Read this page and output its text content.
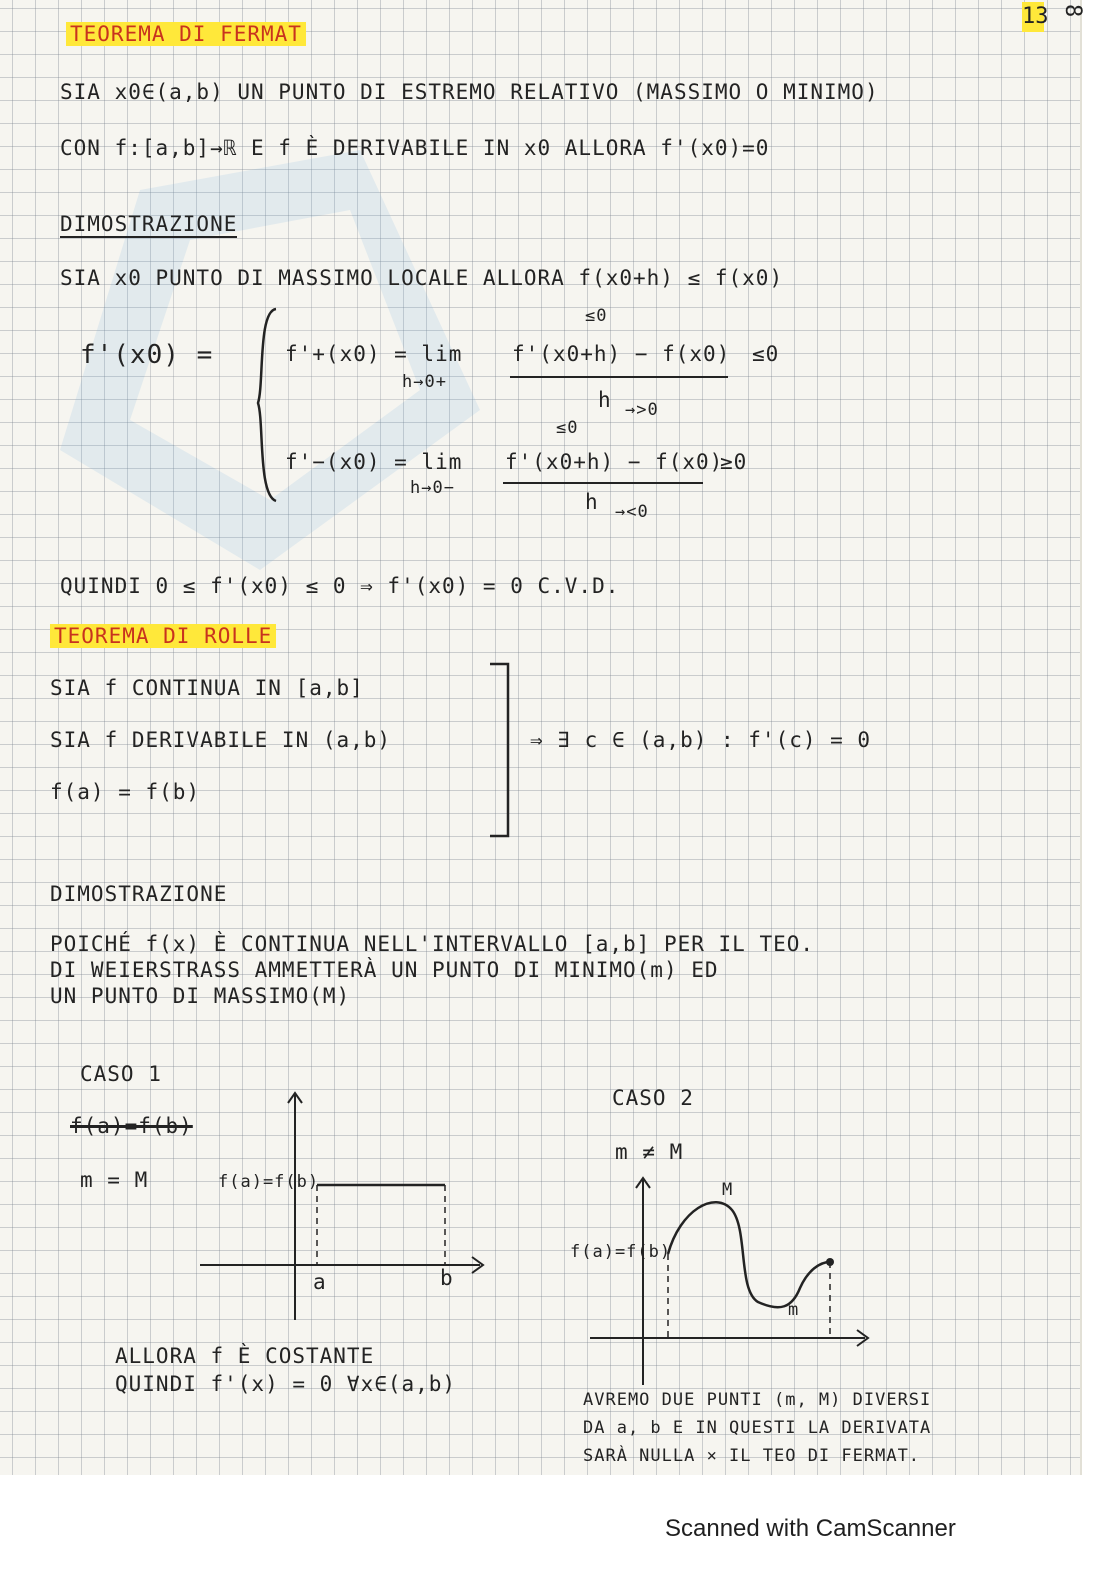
13 8
TEOREMA DI FERMAT
SIA x0∈(a,b) UN PUNTO DI ESTREMO RELATIVO (MASSIMO O MINIMO)
CON f:[a,b]→ℝ E f È DERIVABILE IN x0 ALLORA f'(x0)=0
DIMOSTRAZIONE
SIA x0 PUNTO DI MASSIMO LOCALE ALLORA f(x0+h) ≤ f(x0)
f'(x0) =	f'+(x0) = lim
h→0+
≤0
f'(x0+h) − f(x0)
h →>0
≤0
≤0
f'−(x0) = lim
h→0−
f'(x0+h) − f(x0)
h →<0
≥0
QUINDI 0 ≤ f'(x0) ≤ 0 ⇒ f'(x0) = 0 C.V.D.
TEOREMA DI ROLLE
SIA f CONTINUA IN [a,b]
SIA f DERIVABILE IN (a,b)
f(a) = f(b)
⇒ ∃ c ∈ (a,b) : f'(c) = 0
DIMOSTRAZIONE
POICHÉ f(x) È CONTINUA NELL'INTERVALLO [a,b] PER IL TEO.
DI WEIERSTRASS AMMETTERÀ UN PUNTO DI MINIMO(m) ED
UN PUNTO DI MASSIMO(M)
CASO 1
f(a)=f(b)
m = M	f(a)=f(b)
a	b
ALLORA f È COSTANTE
QUINDI f'(x) = 0 ∀x∈(a,b)
CASO 2
m ≠ M
f(a)=f(b)
M
m
AVREMO DUE PUNTI (m, M) DIVERSI
DA a, b E IN QUESTI LA DERIVATA
SARÀ NULLA × IL TEO DI FERMAT.
Scanned with CamScanner
